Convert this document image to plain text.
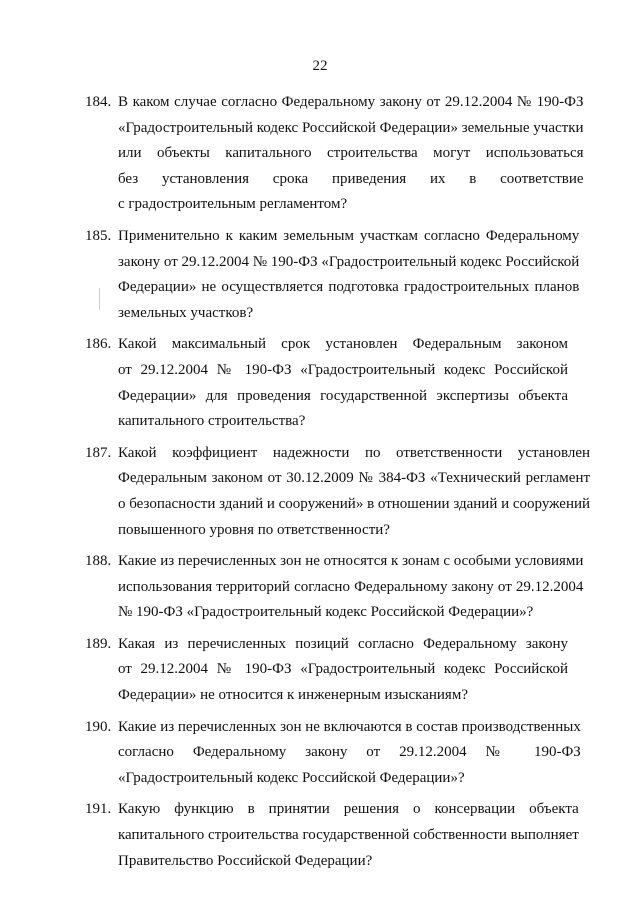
22
184. В каком случае согласно Федеральному закону от 29.12.2004 № 190-ФЗ
«Градостроительный кодекс Российской Федерации» земельные участки
или объекты капитального строительства могут использоваться
без установления срока приведения их в соответствие
с градостроительным регламентом?
185. Применительно к каким земельным участкам согласно Федеральному
закону от 29.12.2004 № 190-ФЗ «Градостроительный кодекс Российской
Федерации» не осуществляется подготовка градостроительных планов
земельных участков?
186. Какой максимальный срок установлен Федеральным законом
от 29.12.2004 № 190-ФЗ «Градостроительный кодекс Российской
Федерации» для проведения государственной экспертизы объекта
капитального строительства?
187. Какой коэффициент надежности по ответственности установлен
Федеральным законом от 30.12.2009 № 384-ФЗ «Технический регламент
о безопасности зданий и сооружений» в отношении зданий и сооружений
повышенного уровня по ответственности?
188. Какие из перечисленных зон не относятся к зонам с особыми условиями
использования территорий согласно Федеральному закону от 29.12.2004
№ 190-ФЗ «Градостроительный кодекс Российской Федерации»?
189. Какая из перечисленных позиций согласно Федеральному закону
от 29.12.2004 № 190-ФЗ «Градостроительный кодекс Российской
Федерации» не относится к инженерным изысканиям?
190. Какие из перечисленных зон не включаются в состав производственных
согласно Федеральному закону от 29.12.2004 № 190-ФЗ
«Градостроительный кодекс Российской Федерации»?
191. Какую функцию в принятии решения о консервации объекта
капитального строительства государственной собственности выполняет
Правительство Российской Федерации?
